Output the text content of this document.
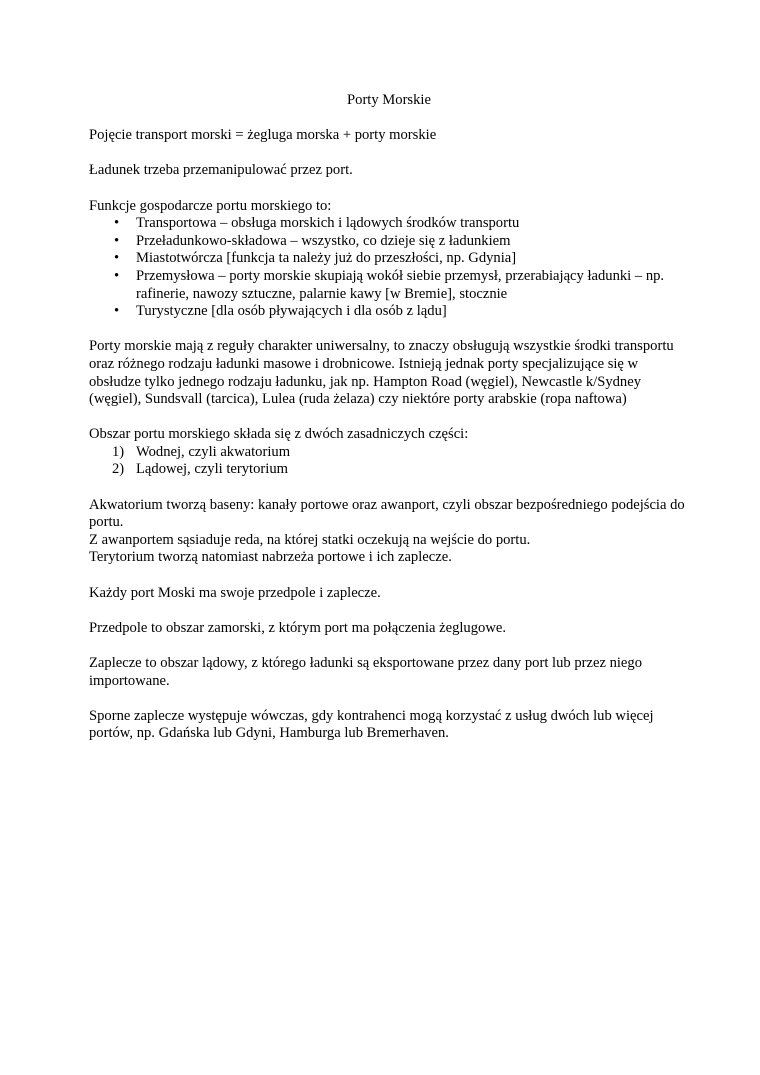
Porty Morskie

Pojęcie transport morski = żegluga morska + porty morskie

Ładunek trzeba przemanipulować przez port.

Funkcje gospodarcze portu morskiego to:

• Transportowa – obsługa morskich i lądowych środków transportu
• Przeładunkowo-składowa – wszystko, co dzieje się z ładunkiem
• Miastotwórcza [funkcja ta należy już do przeszłości, np. Gdynia]
• Przemysłowa – porty morskie skupiają wokół siebie przemysł, przerabiający ładunki – np. rafinerie, nawozy sztuczne, palarnie kawy [w Bremie], stocznie
• Turystyczne [dla osób pływających i dla osób z lądu]

Porty morskie mają z reguły charakter uniwersalny, to znaczy obsługują wszystkie środki transportu oraz różnego rodzaju ładunki masowe i drobnicowe. Istnieją jednak porty specjalizujące się w obsłudze tylko jednego rodzaju ładunku, jak np. Hampton Road (węgiel), Newcastle k/Sydney (węgiel), Sundsvall (tarcica), Lulea (ruda żelaza) czy niektóre porty arabskie (ropa naftowa)

Obszar portu morskiego składa się z dwóch zasadniczych części:

1) Wodnej, czyli akwatorium
2) Lądowej, czyli terytorium

Akwatorium tworzą baseny: kanały portowe oraz awanport, czyli obszar bezpośredniego podejścia do portu.

Z awanportem sąsiaduje reda, na której statki oczekują na wejście do portu.

Terytorium tworzą natomiast nabrzeża portowe i ich zaplecze.

Każdy port Moski ma swoje przedpole i zaplecze.

Przedpole to obszar zamorski, z którym port ma połączenia żeglugowe.

Zaplecze to obszar lądowy, z którego ładunki są eksportowane przez dany port lub przez niego importowane.

Sporne zaplecze występuje wówczas, gdy kontrahenci mogą korzystać z usług dwóch lub więcej portów, np. Gdańska lub Gdyni, Hamburga lub Bremerhaven.
